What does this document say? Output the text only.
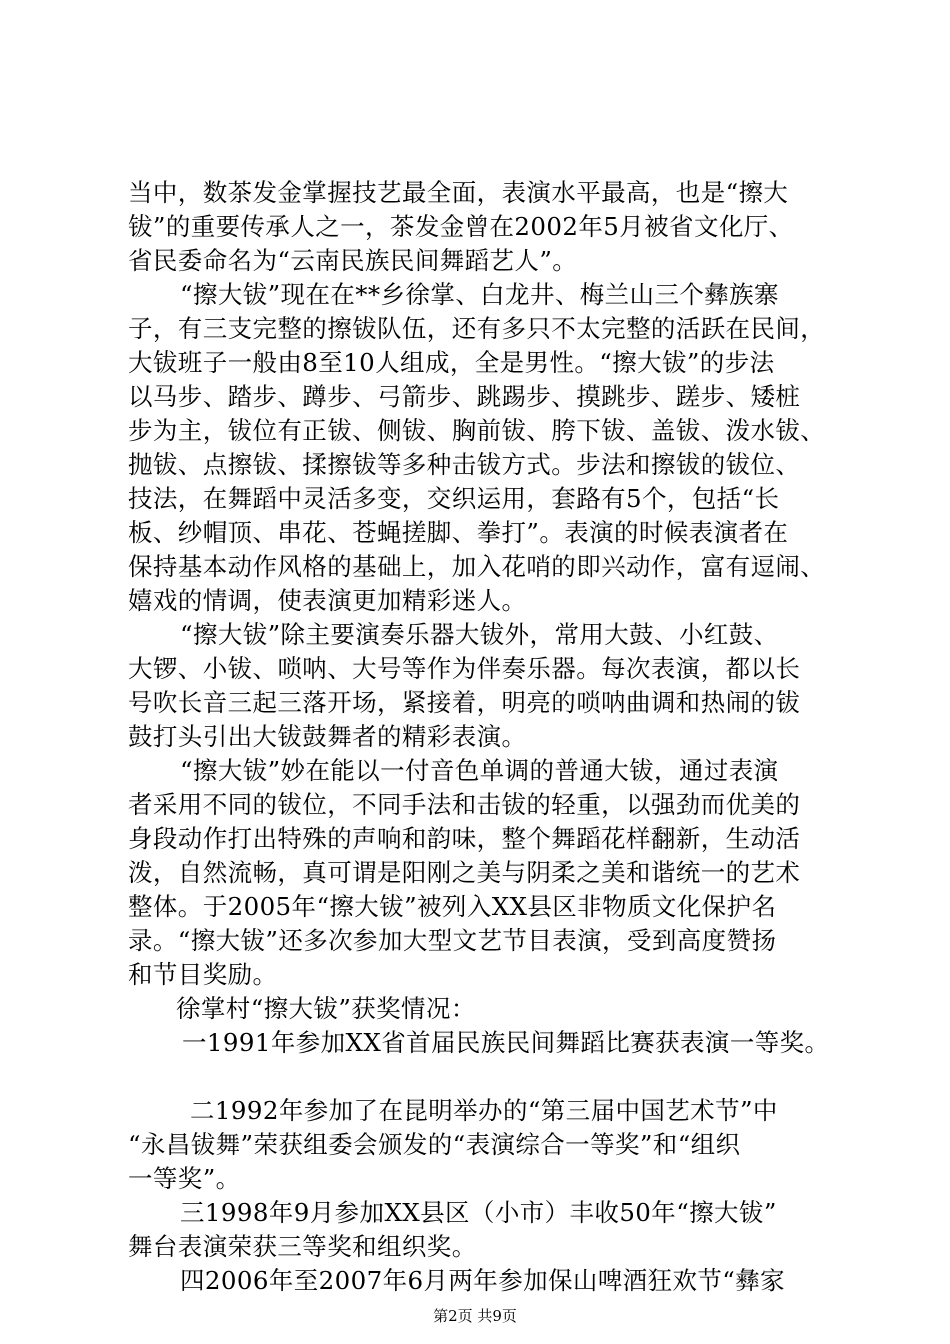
当中，数茶发金掌握技艺最全面，表演水平最高，也是“擦大
钹”的重要传承人之一，茶发金曾在2002年5月被省文化厅、
省民委命名为“云南民族民间舞蹈艺人”。
“擦大钹”现在在**乡徐掌、白龙井、梅兰山三个彝族寨
子，有三支完整的擦钹队伍，还有多只不太完整的活跃在民间，
大钹班子一般由8至10人组成，全是男性。“擦大钹”的步法
以马步、踏步、蹲步、弓箭步、跳踢步、摸跳步、蹉步、矮桩
步为主，钹位有正钹、侧钹、胸前钹、胯下钹、盖钹、泼水钹、
抛钹、点擦钹、揉擦钹等多种击钹方式。步法和擦钹的钹位、
技法，在舞蹈中灵活多变，交织运用，套路有5个，包括“长
板、纱帽顶、串花、苍蝇搓脚、拳打”。表演的时候表演者在
保持基本动作风格的基础上，加入花哨的即兴动作，富有逗闹、
嬉戏的情调，使表演更加精彩迷人。
“擦大钹”除主要演奏乐器大钹外，常用大鼓、小红鼓、
大锣、小钹、唢呐、大号等作为伴奏乐器。每次表演，都以长
号吹长音三起三落开场，紧接着，明亮的唢呐曲调和热闹的钹
鼓打头引出大钹鼓舞者的精彩表演。
“擦大钹”妙在能以一付音色单调的普通大钹，通过表演
者采用不同的钹位，不同手法和击钹的轻重，以强劲而优美的
身段动作打出特殊的声响和韵味，整个舞蹈花样翻新，生动活
泼，自然流畅，真可谓是阳刚之美与阴柔之美和谐统一的艺术
整体。于2005年“擦大钹”被列入XX县区非物质文化保护名
录。“擦大钹”还多次参加大型文艺节目表演，受到高度赞扬
和节目奖励。
徐掌村“擦大钹”获奖情况：
一1991年参加XX省首届民族民间舞蹈比赛获表演一等奖。
二1992年参加了在昆明举办的“第三届中国艺术节”中
“永昌钹舞”荣获组委会颁发的“表演综合一等奖”和“组织
一等奖”。
三1998年9月参加XX县区（小市）丰收50年“擦大钹”
舞台表演荣获三等奖和组织奖。
四2006年至2007年6月两年参加保山啤酒狂欢节“彝家
第2页 共9页
